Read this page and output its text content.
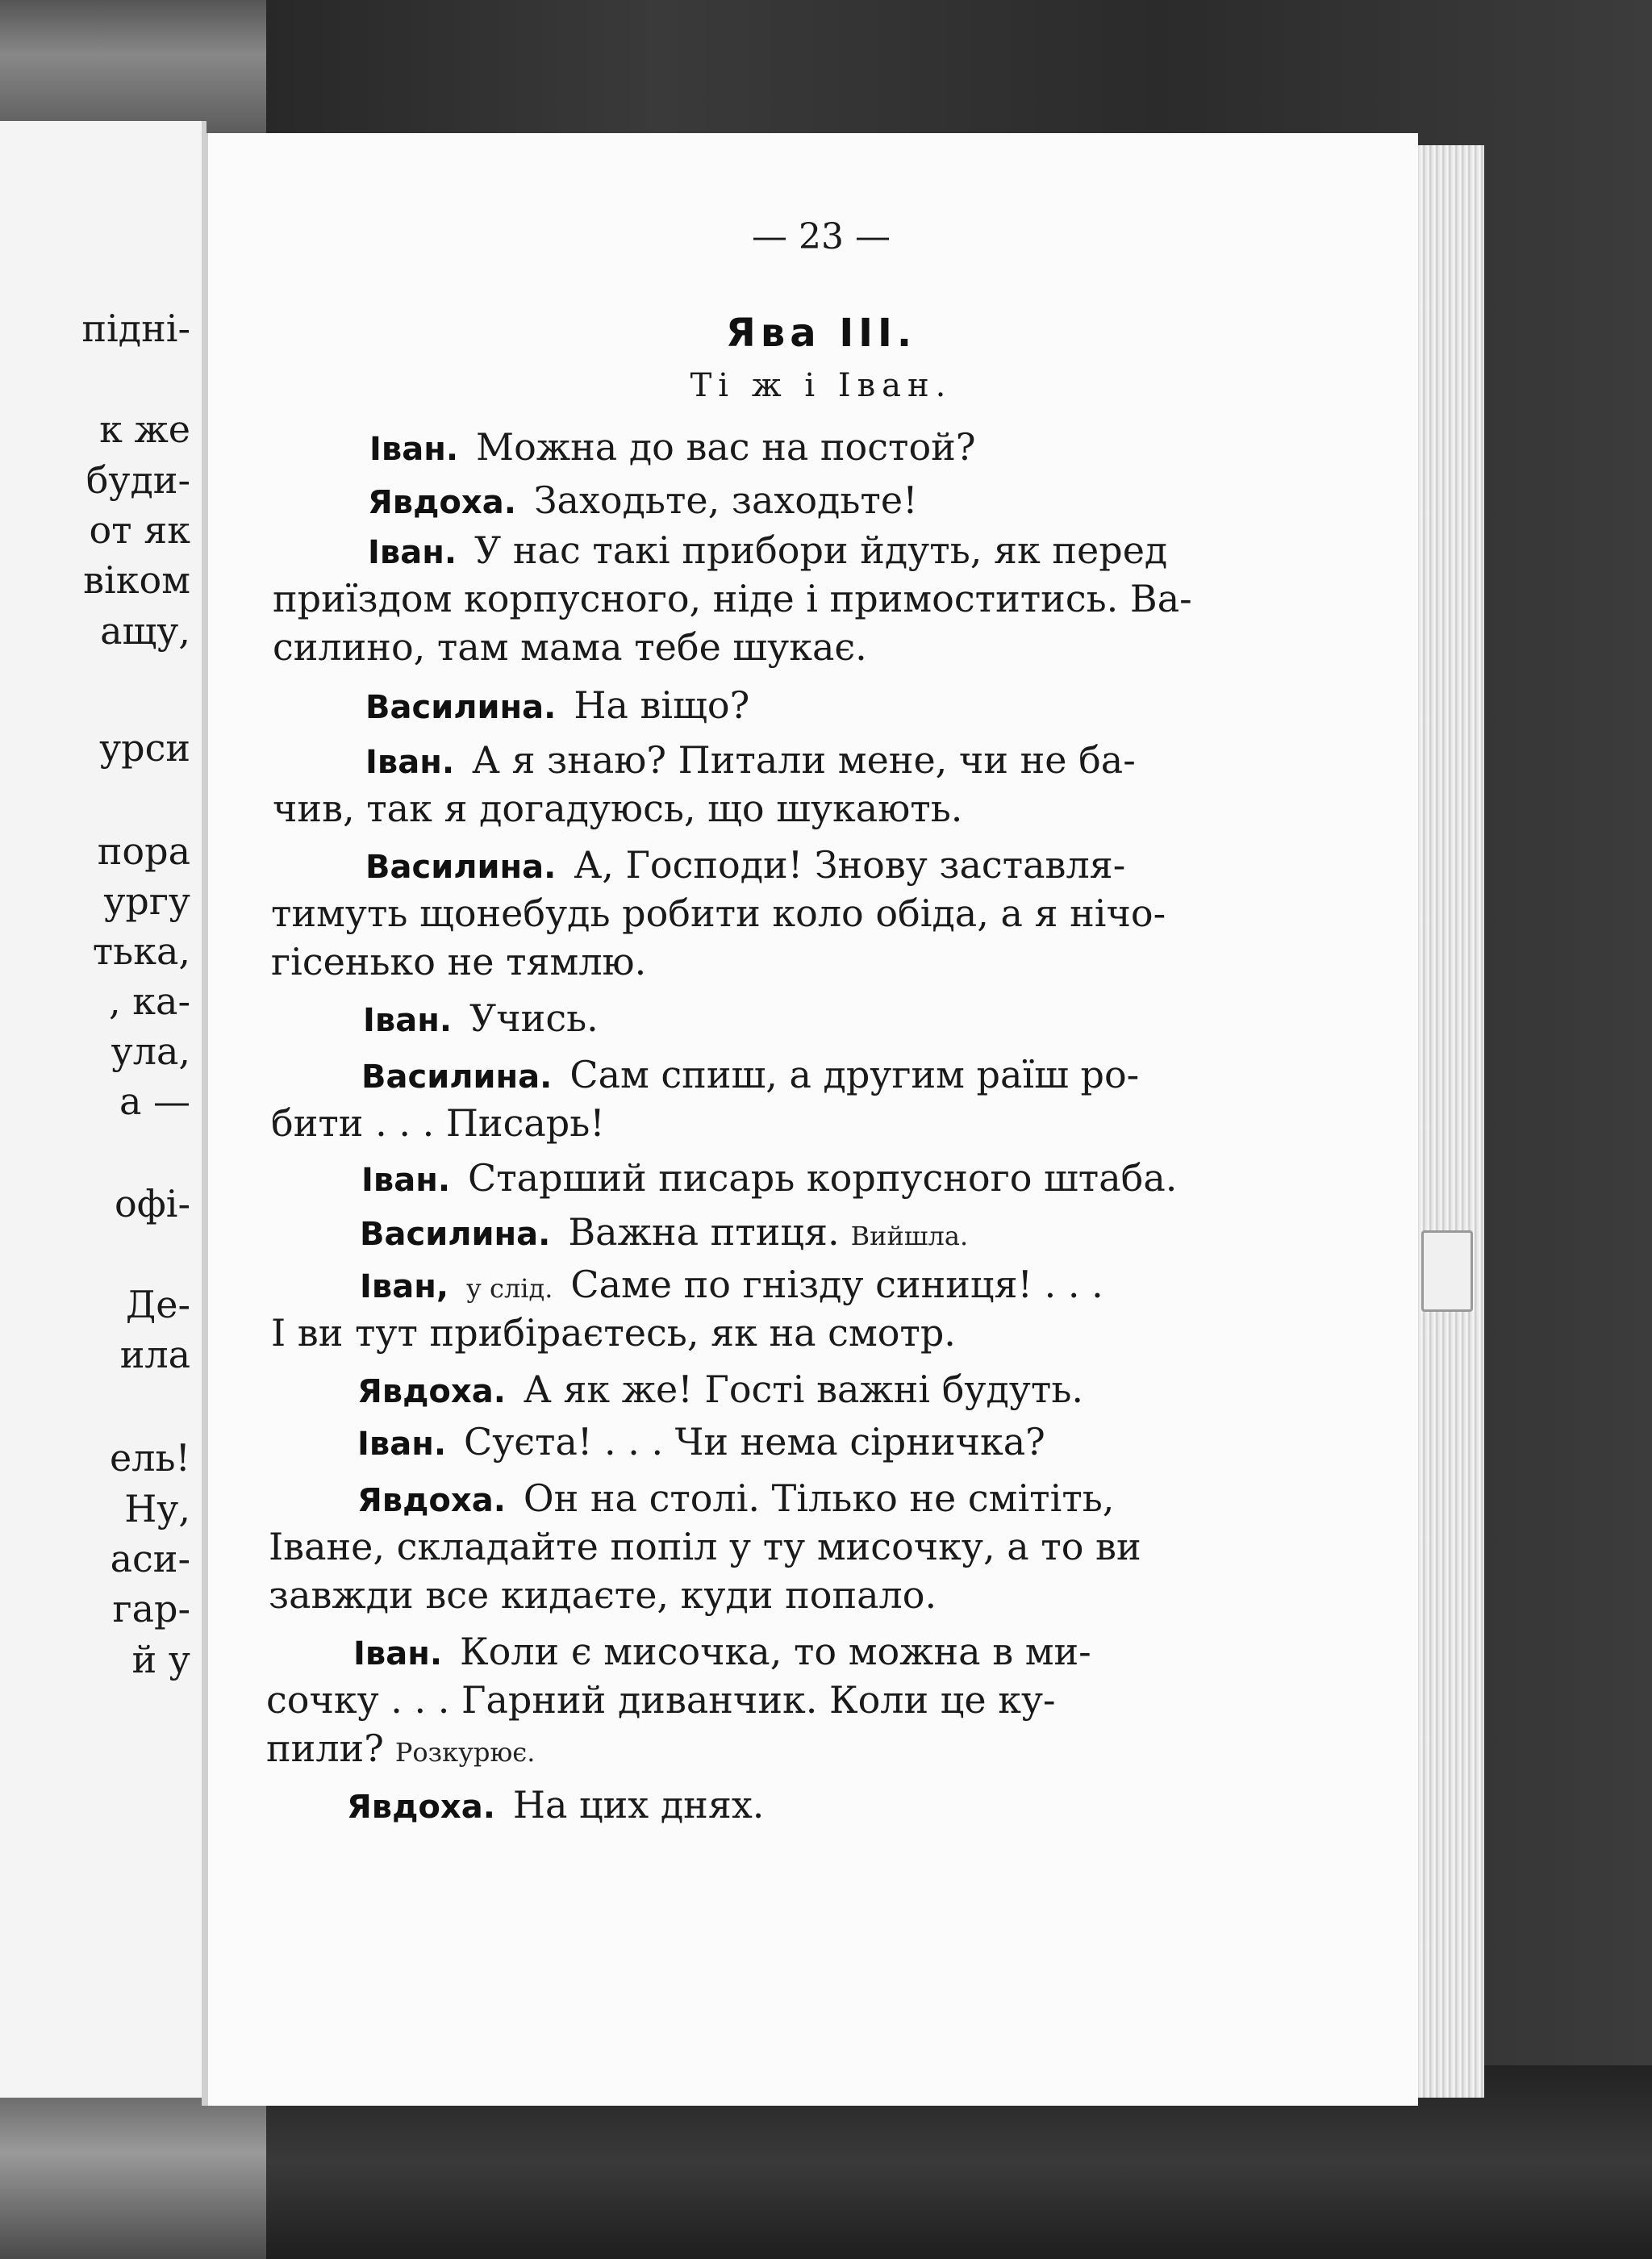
підні-
к же
буди-
от як
віком
ащу,
урси
пора
ургу
тька,
, ка-
ула,
а —
офі-
Де-
ила
ель!
Ну,
аси-
гар-
й у
— 23 —
Ява III.
Ті ж і Іван.
Іван. Можна до вас на постой?
Явдоха. Заходьте, заходьте!
Іван. У нас такі прибори йдуть, як перед
приїздом корпусного, ніде і примоститись. Ва-
силино, там мама тебе шукає.
Василина. На віщо?
Іван. А я знаю? Питали мене, чи не ба-
чив, так я догадуюсь, що шукають.
Василина. А, Господи! Знову заставля-
тимуть щонебудь робити коло обіда, а я нічо-
гісенько не тямлю.
Іван. Учись.
Василина. Сам спиш, а другим раїш ро-
бити . . . Писарь!
Іван. Старший писарь корпусного штаба.
Василина. Важна птиця. Вийшла.
Іван, у слід. Саме по гнізду синиця! . . .
І ви тут прибіраєтесь, як на смотр.
Явдоха. А як же! Гості важні будуть.
Іван. Суєта! . . . Чи нема сірничка?
Явдоха. Он на столі. Тілько не смітіть,
Іване, складайте попіл у ту мисочку, а то ви
завжди все кидаєте, куди попало.
Іван. Коли є мисочка, то можна в ми-
сочку . . . Гарний диванчик. Коли це ку-
пили? Розкурює.
Явдоха. На цих днях.
